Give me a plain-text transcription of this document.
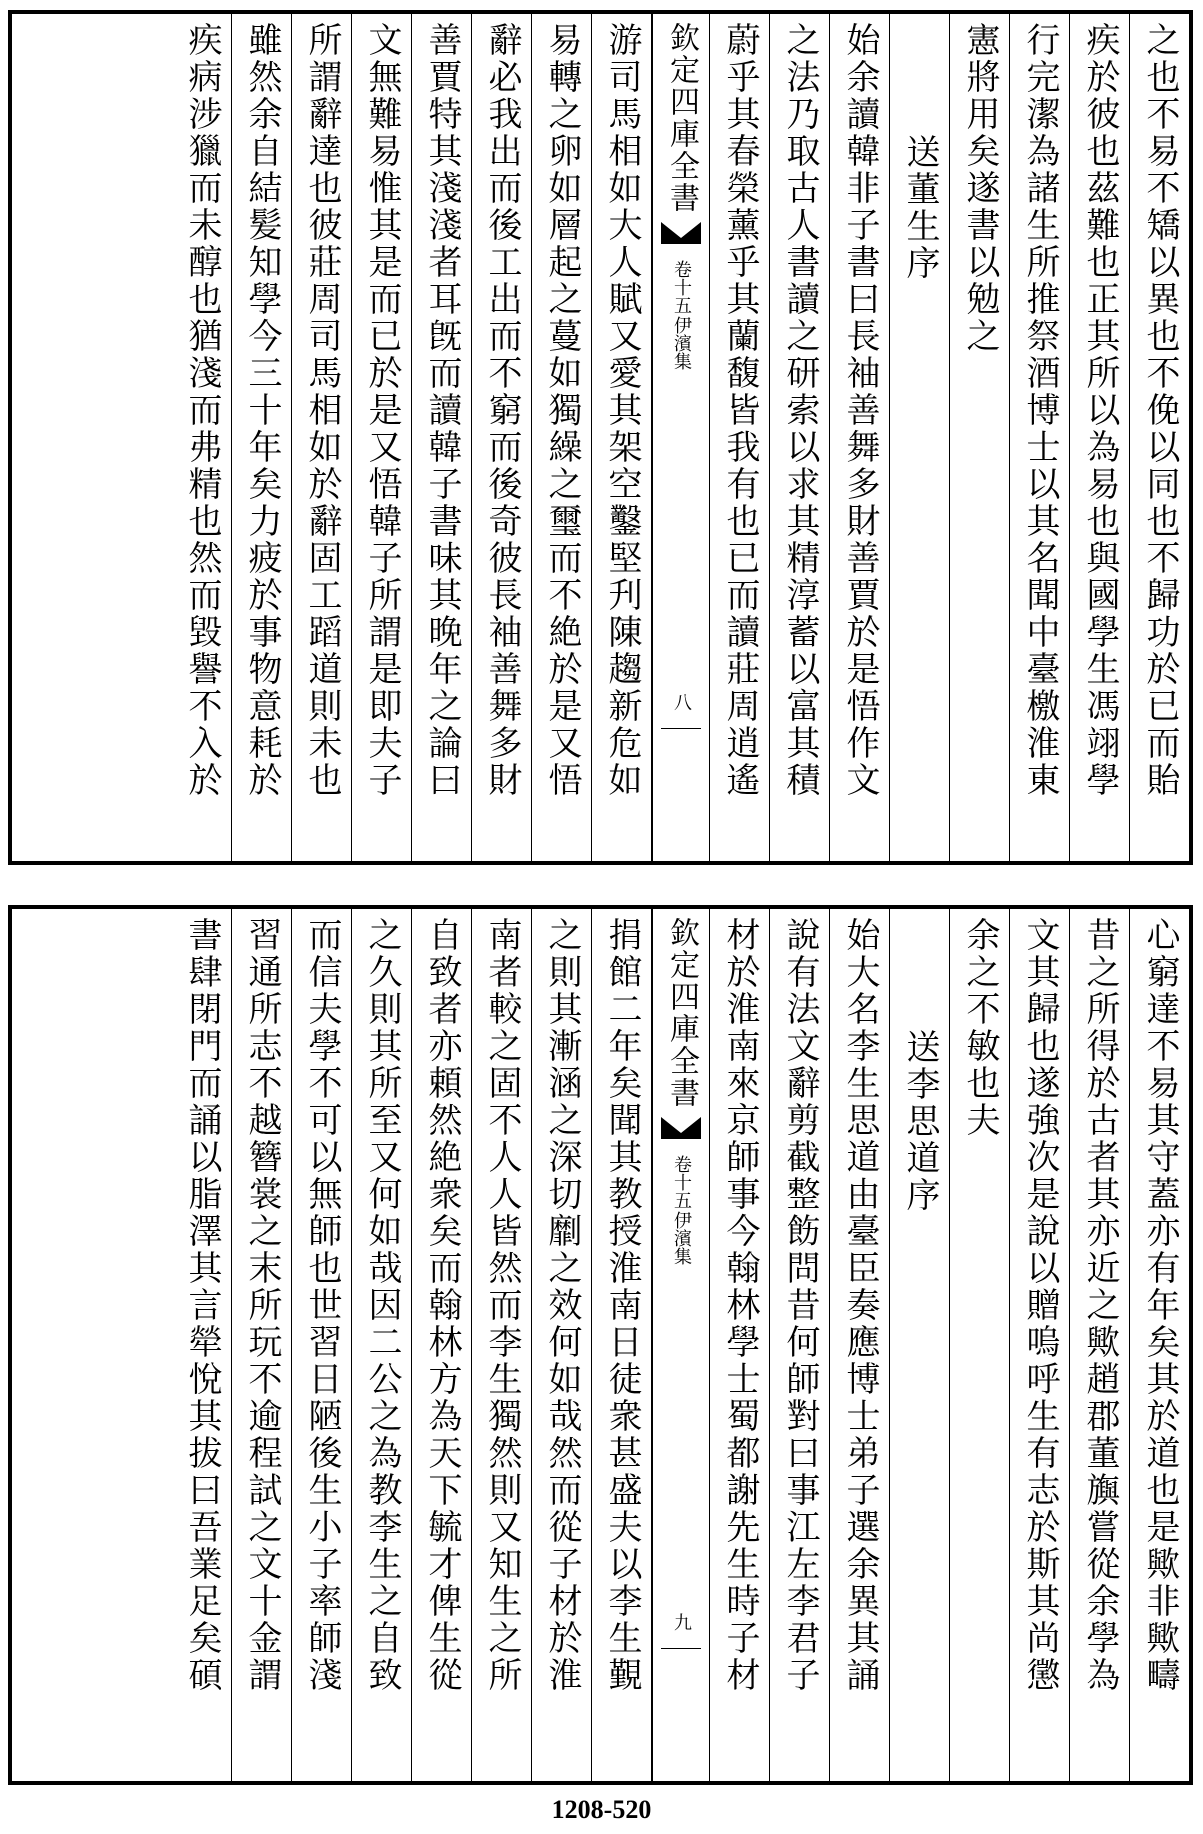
之也不易不矯以異也不俛以同也不歸功於已而貽
疾於彼也茲難也正其所以為易也與國學生馮翊學
行完潔為諸生所推祭酒博士以其名聞中臺檄淮東
憲將用矣遂書以勉之
送董生序
始余讀韓非子書曰長袖善舞多財善賈於是悟作文
之法乃取古人書讀之研索以求其精淳蓄以富其積
蔚乎其春榮薰乎其蘭馥皆我有也已而讀莊周逍遙
欽定四庫全書
伊濱集
卷十五
八
游司馬相如大人賦又愛其架空鑿堅刋陳趨新危如
易轉之卵如層起之蔓如獨繰之璽而不絶於是又悟
辭必我出而後工出而不窮而後奇彼長袖善舞多財
善賈特其淺淺者耳旣而讀韓子書味其晚年之論曰
文無難易惟其是而已於是又悟韓子所謂是即夫子
所謂辭達也彼莊周司馬相如於辭固工蹈道則未也
雖然余自結髪知學今三十年矣力疲於事物意耗於
疾病涉獵而未醇也猶淺而弗精也然而毀譽不入於
心窮達不易其守蓋亦有年矣其於道也是歟非歟疇
昔之所得於古者其亦近之歟趙郡董旟嘗從余學為
文其歸也遂強次是說以贈嗚呼生有志於斯其尚懲
余之不敏也夫
送李思道序
始大名李生思道由臺臣奏應博士弟子選余異其誦
說有法文辭剪截整飭問昔何師對曰事江左李君子
材於淮南來京師事今翰林學士蜀都謝先生時子材
欽定四庫全書
伊濱集
卷十五
九
捐館二年矣聞其教授淮南日徒衆甚盛夫以李生覲
之則其漸涵之深切劘之效何如哉然而從子材於淮
南者較之固不人人皆然而李生獨然則又知生之所
自致者亦頼然絶衆矣而翰林方為天下毓才俾生從
之久則其所至又何如哉因二公之為教李生之自致
而信夫學不可以無師也世習日陋後生小子率師淺
習通所志不越簪裳之末所玩不逾程試之文十金謂
書肆閉門而誦以脂澤其言犖悅其拔曰吾業足矣碩
1208-520
